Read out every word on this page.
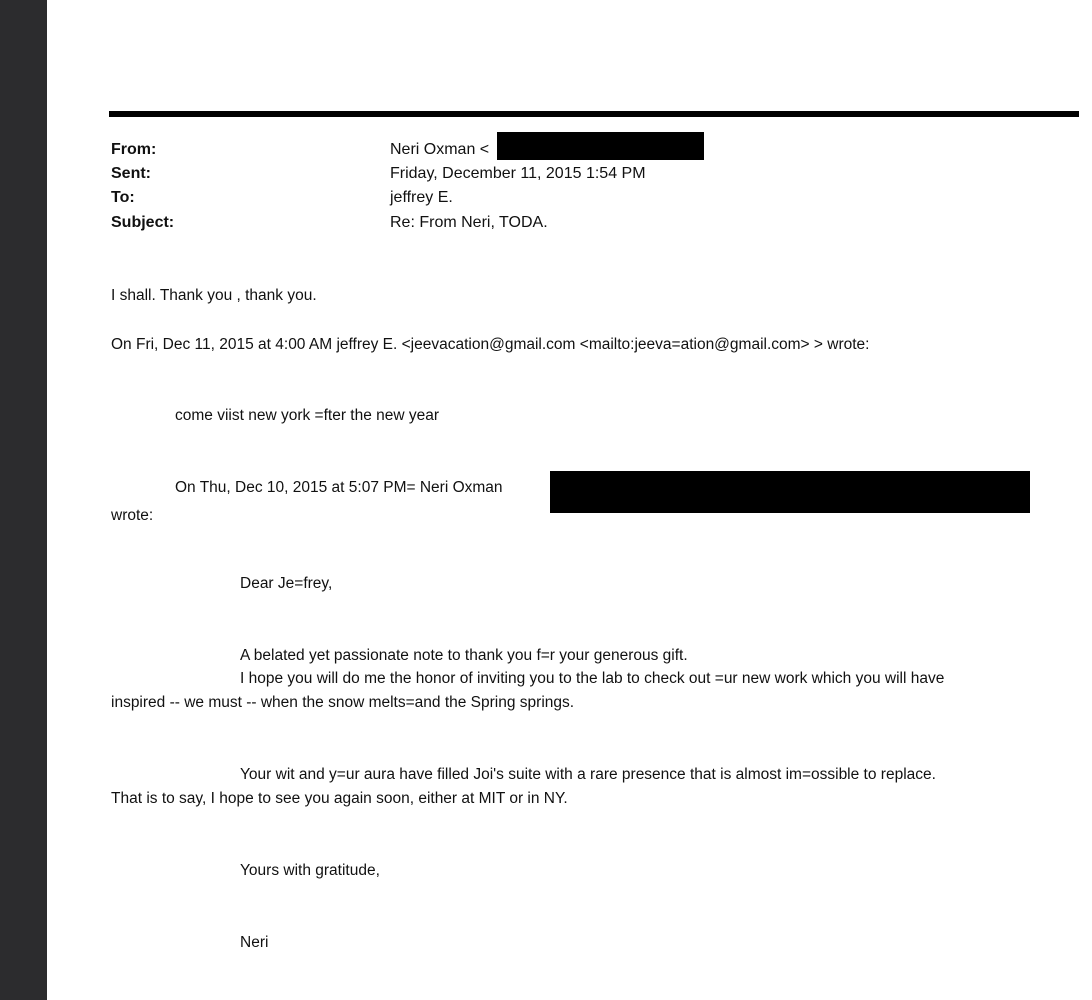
From:	Neri Oxman <
Sent:	Friday, December 11, 2015 1:54 PM
To:	jeffrey E.
Subject:	Re: From Neri, TODA.
I shall. Thank you , thank you.
On Fri, Dec 11, 2015 at 4:00 AM jeffrey E. <jeevacation@gmail.com <mailto:jeeva=ation@gmail.com> > wrote:
come viist new york =fter the new year
On Thu, Dec 10, 2015 at 5:07 PM= Neri Oxman
wrote:
Dear Je=frey,
A belated yet passionate note to thank you f=r your generous gift.
I hope you will do me the honor of inviting you to the lab to check out =ur new work which you will have
inspired -- we must -- when the snow melts=and the Spring springs.
Your wit and y=ur aura have filled Joi's suite with a rare presence that is almost im=ossible to replace.
That is to say, I hope to see you again soon, either at MIT or in NY.
Yours with gratitude,
Neri
